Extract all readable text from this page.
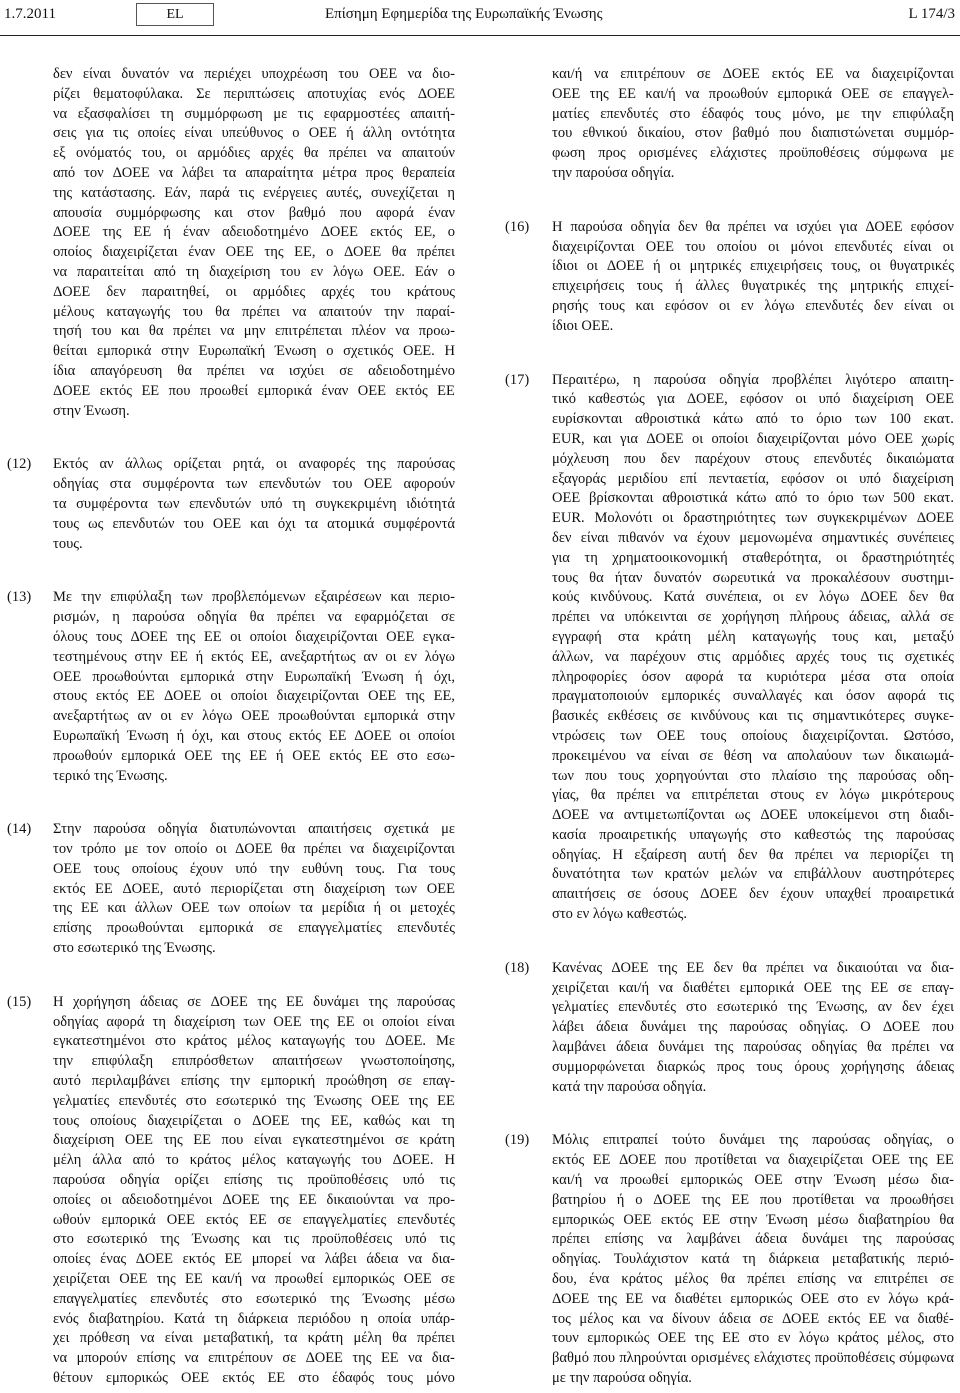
1.7.2011	EL	Επίσημη Εφημερίδα της Ευρωπαϊκής Ένωσης	L 174/3
δεν είναι δυνατόν να περιέχει υποχρέωση του ΟΕΕ να διο-
ρίζει θεματοφύλακα. Σε περιπτώσεις αποτυχίας ενός ΔΟΕΕ
να εξασφαλίσει τη συμμόρφωση με τις εφαρμοστέες απαιτή-
σεις για τις οποίες είναι υπεύθυνος ο ΟΕΕ ή άλλη οντότητα
εξ ονόματός του, οι αρμόδιες αρχές θα πρέπει να απαιτούν
από τον ΔΟΕΕ να λάβει τα απαραίτητα μέτρα προς θεραπεία
της κατάστασης. Εάν, παρά τις ενέργειες αυτές, συνεχίζεται η
απουσία συμμόρφωσης και στον βαθμό που αφορά έναν
ΔΟΕΕ της ΕΕ ή έναν αδειοδοτημένο ΔΟΕΕ εκτός ΕΕ, ο
οποίος διαχειρίζεται έναν ΟΕΕ της ΕΕ, ο ΔΟΕΕ θα πρέπει
να παραιτείται από τη διαχείριση του εν λόγω ΟΕΕ. Εάν ο
ΔΟΕΕ δεν παραιτηθεί, οι αρμόδιες αρχές του κράτους
μέλους καταγωγής του θα πρέπει να απαιτούν την παραί-
τησή του και θα πρέπει να μην επιτρέπεται πλέον να προω-
θείται εμπορικά στην Ευρωπαϊκή Ένωση ο σχετικός ΟΕΕ. Η
ίδια απαγόρευση θα πρέπει να ισχύει σε αδειοδοτημένο
ΔΟΕΕ εκτός ΕΕ που προωθεί εμπορικά έναν ΟΕΕ εκτός ΕΕ
στην Ένωση.
(12) Εκτός αν άλλως ορίζεται ρητά, οι αναφορές της παρούσας
οδηγίας στα συμφέροντα των επενδυτών του ΟΕΕ αφορούν
τα συμφέροντα των επενδυτών υπό τη συγκεκριμένη ιδιότητά
τους ως επενδυτών του ΟΕΕ και όχι τα ατομικά συμφέροντά
τους.
(13) Με την επιφύλαξη των προβλεπόμενων εξαιρέσεων και περιο-
ρισμών, η παρούσα οδηγία θα πρέπει να εφαρμόζεται σε
όλους τους ΔΟΕΕ της ΕΕ οι οποίοι διαχειρίζονται ΟΕΕ εγκα-
τεστημένους στην ΕΕ ή εκτός ΕΕ, ανεξαρτήτως αν οι εν λόγω
ΟΕΕ προωθούνται εμπορικά στην Ευρωπαϊκή Ένωση ή όχι,
στους εκτός ΕΕ ΔΟΕΕ οι οποίοι διαχειρίζονται ΟΕΕ της ΕΕ,
ανεξαρτήτως αν οι εν λόγω ΟΕΕ προωθούνται εμπορικά στην
Ευρωπαϊκή Ένωση ή όχι, και στους εκτός ΕΕ ΔΟΕΕ οι οποίοι
προωθούν εμπορικά ΟΕΕ της ΕΕ ή ΟΕΕ εκτός ΕΕ στο εσω-
τερικό της Ένωσης.
(14) Στην παρούσα οδηγία διατυπώνονται απαιτήσεις σχετικά με
τον τρόπο με τον οποίο οι ΔΟΕΕ θα πρέπει να διαχειρίζονται
ΟΕΕ τους οποίους έχουν υπό την ευθύνη τους. Για τους
εκτός ΕΕ ΔΟΕΕ, αυτό περιορίζεται στη διαχείριση των ΟΕΕ
της ΕΕ και άλλων ΟΕΕ των οποίων τα μερίδια ή οι μετοχές
επίσης προωθούνται εμπορικά σε επαγγελματίες επενδυτές
στο εσωτερικό της Ένωσης.
(15) Η χορήγηση άδειας σε ΔΟΕΕ της ΕΕ δυνάμει της παρούσας
οδηγίας αφορά τη διαχείριση των ΟΕΕ της ΕΕ οι οποίοι είναι
εγκατεστημένοι στο κράτος μέλος καταγωγής του ΔΟΕΕ. Με
την επιφύλαξη επιπρόσθετων απαιτήσεων γνωστοποίησης,
αυτό περιλαμβάνει επίσης την εμπορική προώθηση σε επαγ-
γελματίες επενδυτές στο εσωτερικό της Ένωσης ΟΕΕ της ΕΕ
τους οποίους διαχειρίζεται ο ΔΟΕΕ της ΕΕ, καθώς και τη
διαχείριση ΟΕΕ της ΕΕ που είναι εγκατεστημένοι σε κράτη
μέλη άλλα από το κράτος μέλος καταγωγής του ΔΟΕΕ. Η
παρούσα οδηγία ορίζει επίσης τις προϋποθέσεις υπό τις
οποίες οι αδειοδοτημένοι ΔΟΕΕ της ΕΕ δικαιούνται να προ-
ωθούν εμπορικά ΟΕΕ εκτός ΕΕ σε επαγγελματίες επενδυτές
στο εσωτερικό της Ένωσης και τις προϋποθέσεις υπό τις
οποίες ένας ΔΟΕΕ εκτός ΕΕ μπορεί να λάβει άδεια να δια-
χειρίζεται ΟΕΕ της ΕΕ και/ή να προωθεί εμπορικώς ΟΕΕ σε
επαγγελματίες επενδυτές στο εσωτερικό της Ένωσης μέσω
ενός διαβατηρίου. Κατά τη διάρκεια περιόδου η οποία υπάρ-
χει πρόθεση να είναι μεταβατική, τα κράτη μέλη θα πρέπει
να μπορούν επίσης να επιτρέπουν σε ΔΟΕΕ της ΕΕ να δια-
θέτουν εμπορικώς ΟΕΕ εκτός ΕΕ στο έδαφός τους μόνο
και/ή να επιτρέπουν σε ΔΟΕΕ εκτός ΕΕ να διαχειρίζονται
ΟΕΕ της ΕΕ και/ή να προωθούν εμπορικά ΟΕΕ σε επαγγελ-
ματίες επενδυτές στο έδαφός τους μόνο, με την επιφύλαξη
του εθνικού δικαίου, στον βαθμό που διαπιστώνεται συμμόρ-
φωση προς ορισμένες ελάχιστες προϋποθέσεις σύμφωνα με
την παρούσα οδηγία.
(16) Η παρούσα οδηγία δεν θα πρέπει να ισχύει για ΔΟΕΕ εφόσον
διαχειρίζονται ΟΕΕ του οποίου οι μόνοι επενδυτές είναι οι
ίδιοι οι ΔΟΕΕ ή οι μητρικές επιχειρήσεις τους, οι θυγατρικές
επιχειρήσεις τους ή άλλες θυγατρικές της μητρικής επιχεί-
ρησής τους και εφόσον οι εν λόγω επενδυτές δεν είναι οι
ίδιοι ΟΕΕ.
(17) Περαιτέρω, η παρούσα οδηγία προβλέπει λιγότερο απαιτη-
τικό καθεστώς για ΔΟΕΕ, εφόσον οι υπό διαχείριση ΟΕΕ
ευρίσκονται αθροιστικά κάτω από το όριο των 100 εκατ.
EUR, και για ΔΟΕΕ οι οποίοι διαχειρίζονται μόνο ΟΕΕ χωρίς
μόχλευση που δεν παρέχουν στους επενδυτές δικαιώματα
εξαγοράς μεριδίου επί πενταετία, εφόσον οι υπό διαχείριση
ΟΕΕ βρίσκονται αθροιστικά κάτω από το όριο των 500 εκατ.
EUR. Μολονότι οι δραστηριότητες των συγκεκριμένων ΔΟΕΕ
δεν είναι πιθανόν να έχουν μεμονωμένα σημαντικές συνέπειες
για τη χρηματοοικονομική σταθερότητα, οι δραστηριότητές
τους θα ήταν δυνατόν σωρευτικά να προκαλέσουν συστημι-
κούς κινδύνους. Κατά συνέπεια, οι εν λόγω ΔΟΕΕ δεν θα
πρέπει να υπόκεινται σε χορήγηση πλήρους άδειας, αλλά σε
εγγραφή στα κράτη μέλη καταγωγής τους και, μεταξύ
άλλων, να παρέχουν στις αρμόδιες αρχές τους τις σχετικές
πληροφορίες όσον αφορά τα κυριότερα μέσα στα οποία
πραγματοποιούν εμπορικές συναλλαγές και όσον αφορά τις
βασικές εκθέσεις σε κινδύνους και τις σημαντικότερες συγκε-
ντρώσεις των ΟΕΕ τους οποίους διαχειρίζονται. Ωστόσο,
προκειμένου να είναι σε θέση να απολαύουν των δικαιωμά-
των που τους χορηγούνται στο πλαίσιο της παρούσας οδη-
γίας, θα πρέπει να επιτρέπεται στους εν λόγω μικρότερους
ΔΟΕΕ να αντιμετωπίζονται ως ΔΟΕΕ υποκείμενοι στη διαδι-
κασία προαιρετικής υπαγωγής στο καθεστώς της παρούσας
οδηγίας. Η εξαίρεση αυτή δεν θα πρέπει να περιορίζει τη
δυνατότητα των κρατών μελών να επιβάλλουν αυστηρότερες
απαιτήσεις σε όσους ΔΟΕΕ δεν έχουν υπαχθεί προαιρετικά
στο εν λόγω καθεστώς.
(18) Κανένας ΔΟΕΕ της ΕΕ δεν θα πρέπει να δικαιούται να δια-
χειρίζεται και/ή να διαθέτει εμπορικά ΟΕΕ της ΕΕ σε επαγ-
γελματίες επενδυτές στο εσωτερικό της Ένωσης, αν δεν έχει
λάβει άδεια δυνάμει της παρούσας οδηγίας. Ο ΔΟΕΕ που
λαμβάνει άδεια δυνάμει της παρούσας οδηγίας θα πρέπει να
συμμορφώνεται διαρκώς προς τους όρους χορήγησης άδειας
κατά την παρούσα οδηγία.
(19) Μόλις επιτραπεί τούτο δυνάμει της παρούσας οδηγίας, ο
εκτός ΕΕ ΔΟΕΕ που προτίθεται να διαχειρίζεται ΟΕΕ της ΕΕ
και/ή να προωθεί εμπορικώς ΟΕΕ στην Ένωση μέσω δια-
βατηρίου ή ο ΔΟΕΕ της ΕΕ που προτίθεται να προωθήσει
εμπορικώς ΟΕΕ εκτός ΕΕ στην Ένωση μέσω διαβατηρίου θα
πρέπει επίσης να λαμβάνει άδεια δυνάμει της παρούσας
οδηγίας. Τουλάχιστον κατά τη διάρκεια μεταβατικής περιό-
δου, ένα κράτος μέλος θα πρέπει επίσης να επιτρέπει σε
ΔΟΕΕ της ΕΕ να διαθέτει εμπορικώς ΟΕΕ στο εν λόγω κρά-
τος μέλος και να δίνουν άδεια σε ΔΟΕΕ εκτός ΕΕ να διαθέ-
τουν εμπορικώς ΟΕΕ της ΕΕ στο εν λόγω κράτος μέλος, στο
βαθμό που πληρούνται ορισμένες ελάχιστες προϋποθέσεις σύμφωνα
με την παρούσα οδηγία.
